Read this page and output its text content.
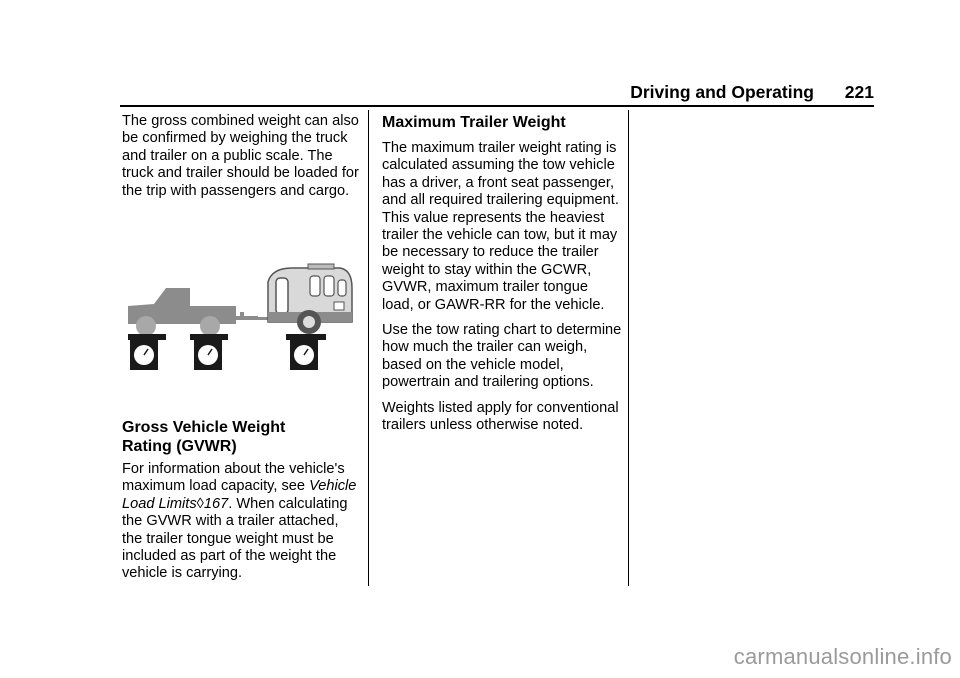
Driving and Operating 221

The gross combined weight can also be confirmed by weighing the truck and trailer on a public scale. The truck and trailer should be loaded for the trip with passengers and cargo.

Gross Vehicle Weight
Rating (GVWR)
For information about the vehicle's maximum load capacity, see Vehicle Load Limits◊167. When calculating the GVWR with a trailer attached, the trailer tongue weight must be included as part of the weight the vehicle is carrying.
Maximum Trailer Weight

The maximum trailer weight rating is calculated assuming the tow vehicle has a driver, a front seat passenger, and all required trailering equipment. This value represents the heaviest trailer the vehicle can tow, but it may be necessary to reduce the trailer weight to stay within the GCWR, GVWR, maximum trailer tongue load, or GAWR-RR for the vehicle.

Use the tow rating chart to determine how much the trailer can weigh, based on the vehicle model, powertrain and trailering options.

Weights listed apply for conventional trailers unless otherwise noted.

carmanualsonline.info
